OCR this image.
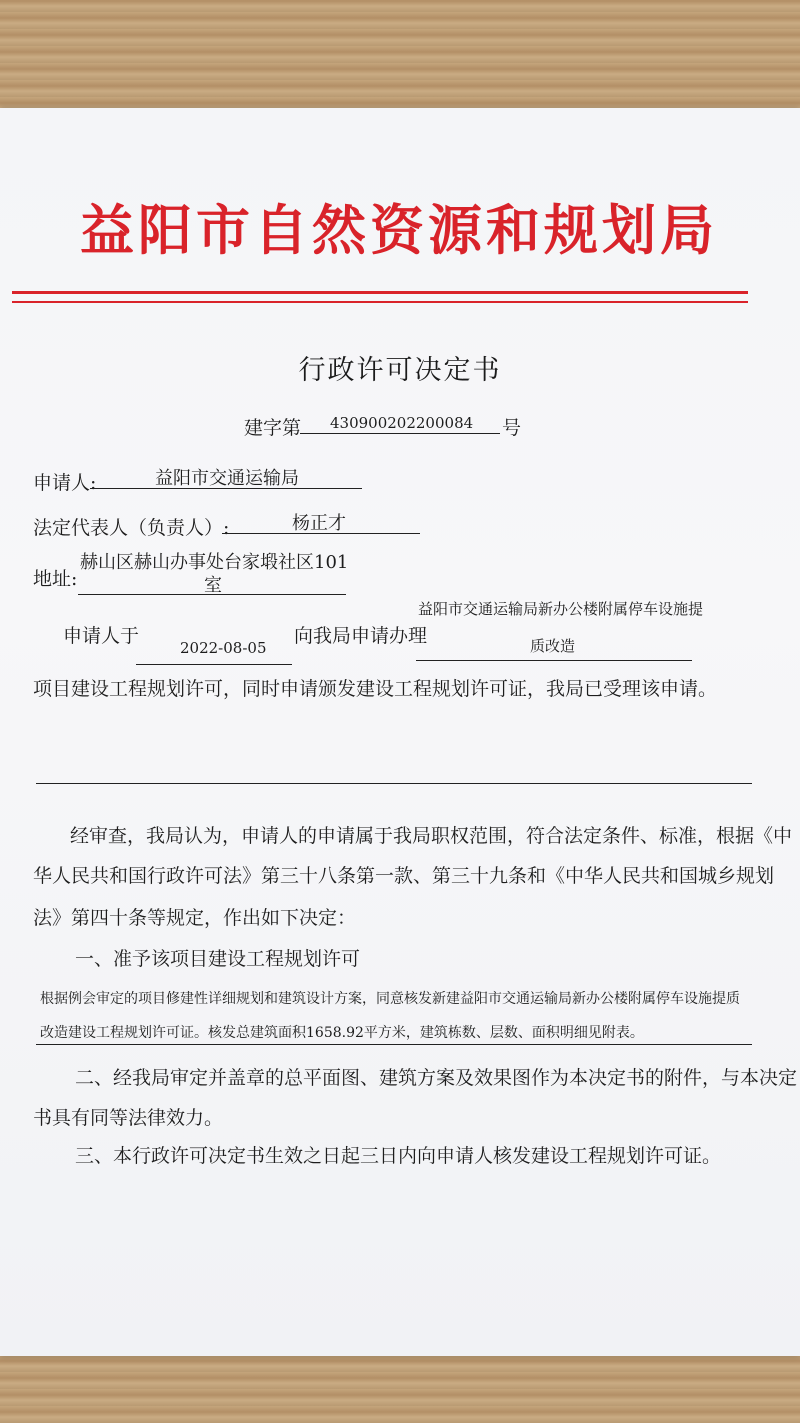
益阳市自然资源和规划局
行政许可决定书
建字第 430900202200084 号
申请人:	益阳市交通运输局
法定代表人（负责人）:	杨正才
地址:
赫山区赫山办事处台家塅社区101
室
申请人于
2022-08-05
向我局申请办理
益阳市交通运输局新办公楼附属停车设施提
质改造
项目建设工程规划许可，同时申请颁发建设工程规划许可证，我局已受理该申请。
经审查，我局认为，申请人的申请属于我局职权范围，符合法定条件、标准，根据《中
华人民共和国行政许可法》第三十八条第一款、第三十九条和《中华人民共和国城乡规划
法》第四十条等规定，作出如下决定：
一、准予该项目建设工程规划许可
根据例会审定的项目修建性详细规划和建筑设计方案，同意核发新建益阳市交通运输局新办公楼附属停车设施提质
改造建设工程规划许可证。核发总建筑面积1658.92平方米，建筑栋数、层数、面积明细见附表。
二、经我局审定并盖章的总平面图、建筑方案及效果图作为本决定书的附件，与本决定
书具有同等法律效力。
三、本行政许可决定书生效之日起三日内向申请人核发建设工程规划许可证。
